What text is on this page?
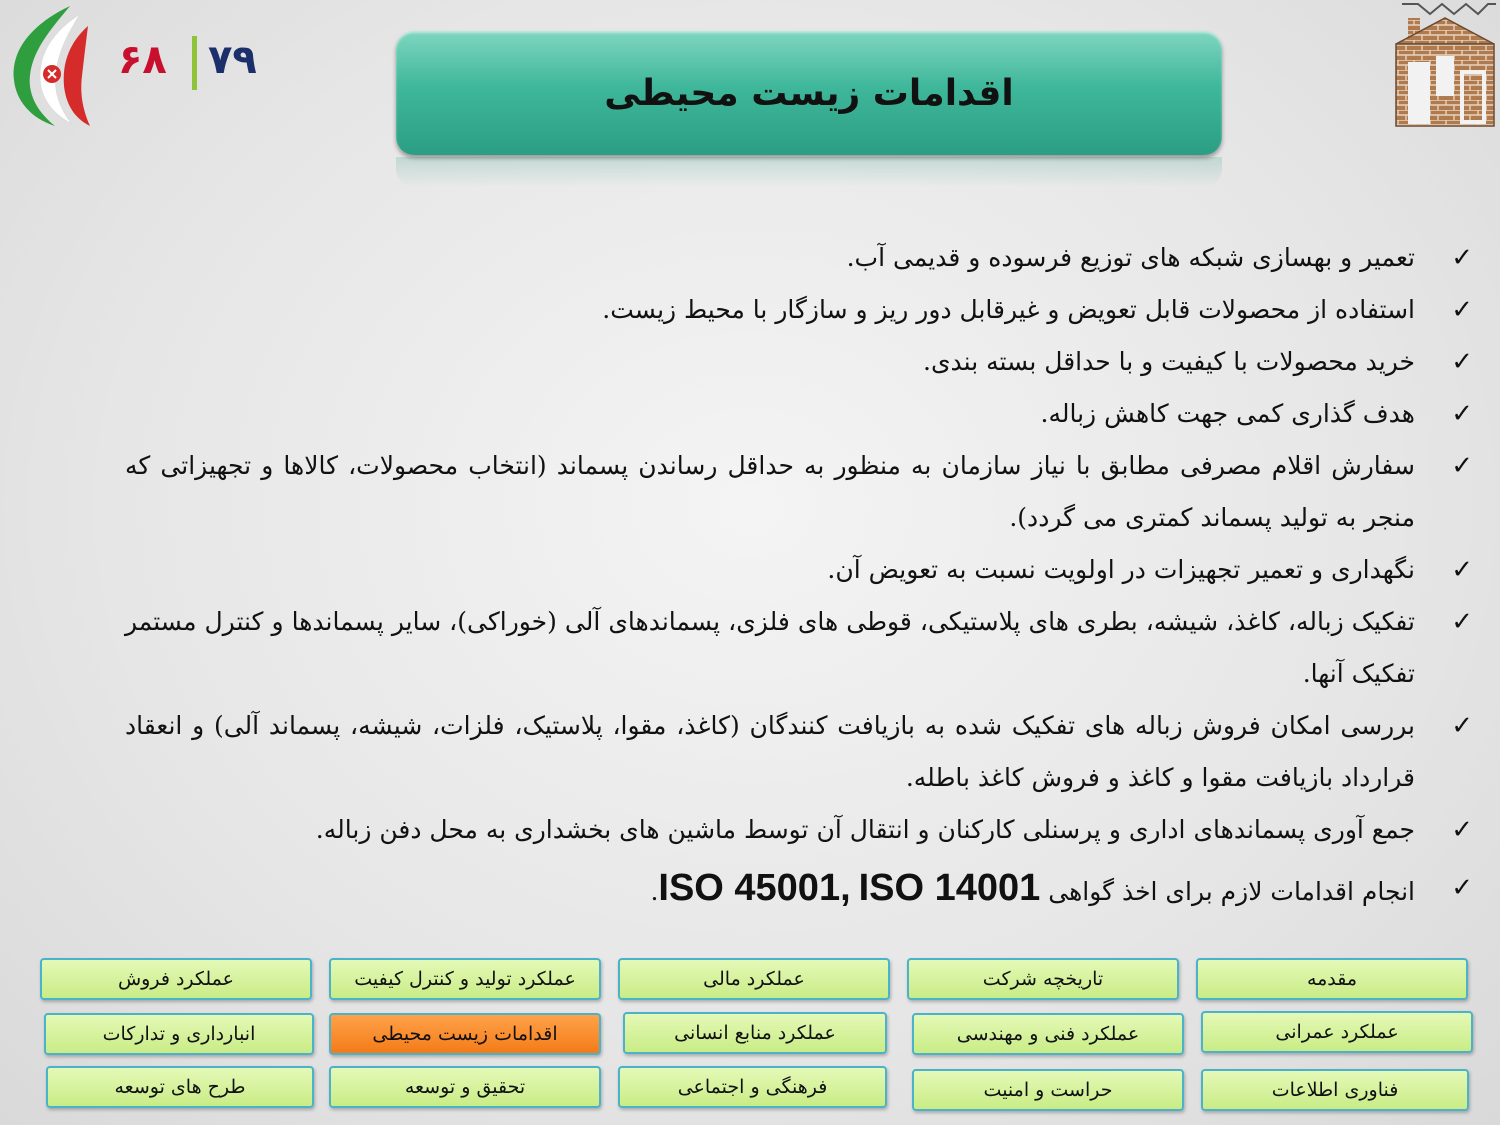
۶۸ ۷۹
اقدامات زیست محیطی
✓
تعمیر و بهسازی شبکه های توزیع فرسوده و قدیمی آب.
✓
استفاده از محصولات قابل تعویض و غیرقابل دور ریز و سازگار با محیط زیست.
✓
خرید محصولات با کیفیت و با حداقل بسته بندی.
✓
هدف گذاری کمی جهت کاهش زباله.
✓
سفارش اقلام مصرفی مطابق با نیاز سازمان به منظور به حداقل رساندن پسماند (انتخاب محصولات، کالاها و تجهیزاتی که منجر به تولید پسماند کمتری می گردد).
✓
نگهداری و تعمیر تجهیزات در اولویت نسبت به تعویض آن.
✓
تفکیک زباله، کاغذ، شیشه، بطری های پلاستیکی، قوطی های فلزی، پسماندهای آلی (خوراکی)، سایر پسماندها و کنترل مستمر تفکیک آنها.
✓
بررسی امکان فروش زباله های تفکیک شده به بازیافت کنندگان (کاغذ، مقوا، پلاستیک، فلزات، شیشه، پسماند آلی) و انعقاد قرارداد بازیافت مقوا و کاغذ و فروش کاغذ باطله.
✓
جمع آوری پسماندهای اداری و پرسنلی کارکنان و انتقال آن توسط ماشین های بخشداری به محل دفن زباله.
✓
انجام اقدامات لازم برای اخذ گواهی ISO 45001, ISO 14001.
مقدمه
تاریخچه شرکت
عملکرد مالی
عملکرد تولید و کنترل کیفیت
عملکرد فروش
عملکرد عمرانی
عملکرد فنی و مهندسی
عملکرد منابع انسانی
اقدامات زیست محیطی
انبارداری و تدارکات
فناوری اطلاعات
حراست و امنیت
فرهنگی و اجتماعی
تحقیق و توسعه
طرح های توسعه
